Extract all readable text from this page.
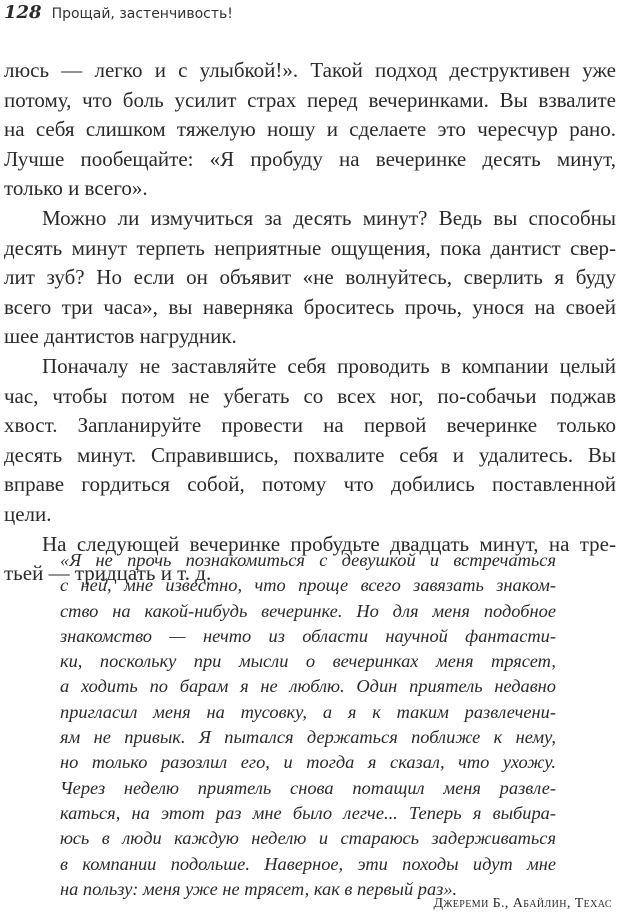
128 Прощай, застенчивость!
люсь — легко и с улыбкой!». Такой подход деструктивен уже
потому, что боль усилит страх перед вечеринками. Вы взвалите
на себя слишком тяжелую ношу и сделаете это чересчур рано.
Лучше пообещайте: «Я пробуду на вечеринке десять минут,
только и всего».
Можно ли измучиться за десять минут? Ведь вы способны
десять минут терпеть неприятные ощущения, пока дантист свер-
лит зуб? Но если он объявит «не волнуйтесь, сверлить я буду
всего три часа», вы наверняка броситесь прочь, унося на своей
шее дантистов нагрудник.
Поначалу не заставляйте себя проводить в компании целый
час, чтобы потом не убегать со всех ног, по-собачьи поджав
хвост. Запланируйте провести на первой вечеринке только
десять минут. Справившись, похвалите себя и удалитесь. Вы
вправе гордиться собой, потому что добились поставленной
цели.
На следующей вечеринке пробудьте двадцать минут, на тре-
тьей — тридцать и т. д.
«Я не прочь познакомиться с девушкой и встречаться
с ней, мне известно, что проще всего завязать знаком-
ство на какой-нибудь вечеринке. Но для меня подобное
знакомство — нечто из области научной фантасти-
ки, поскольку при мысли о вечеринках меня трясет,
а ходить по барам я не люблю. Один приятель недавно
пригласил меня на тусовку, а я к таким развлечени-
ям не привык. Я пытался держаться поближе к нему,
но только разозлил его, и тогда я сказал, что ухожу.
Через неделю приятель снова потащил меня развле-
каться, на этот раз мне было легче... Теперь я выбира-
юсь в люди каждую неделю и стараюсь задерживаться
в компании подольше. Наверное, эти походы идут мне
на пользу: меня уже не трясет, как в первый раз».
Джереми Б., Абайлин, Техас
